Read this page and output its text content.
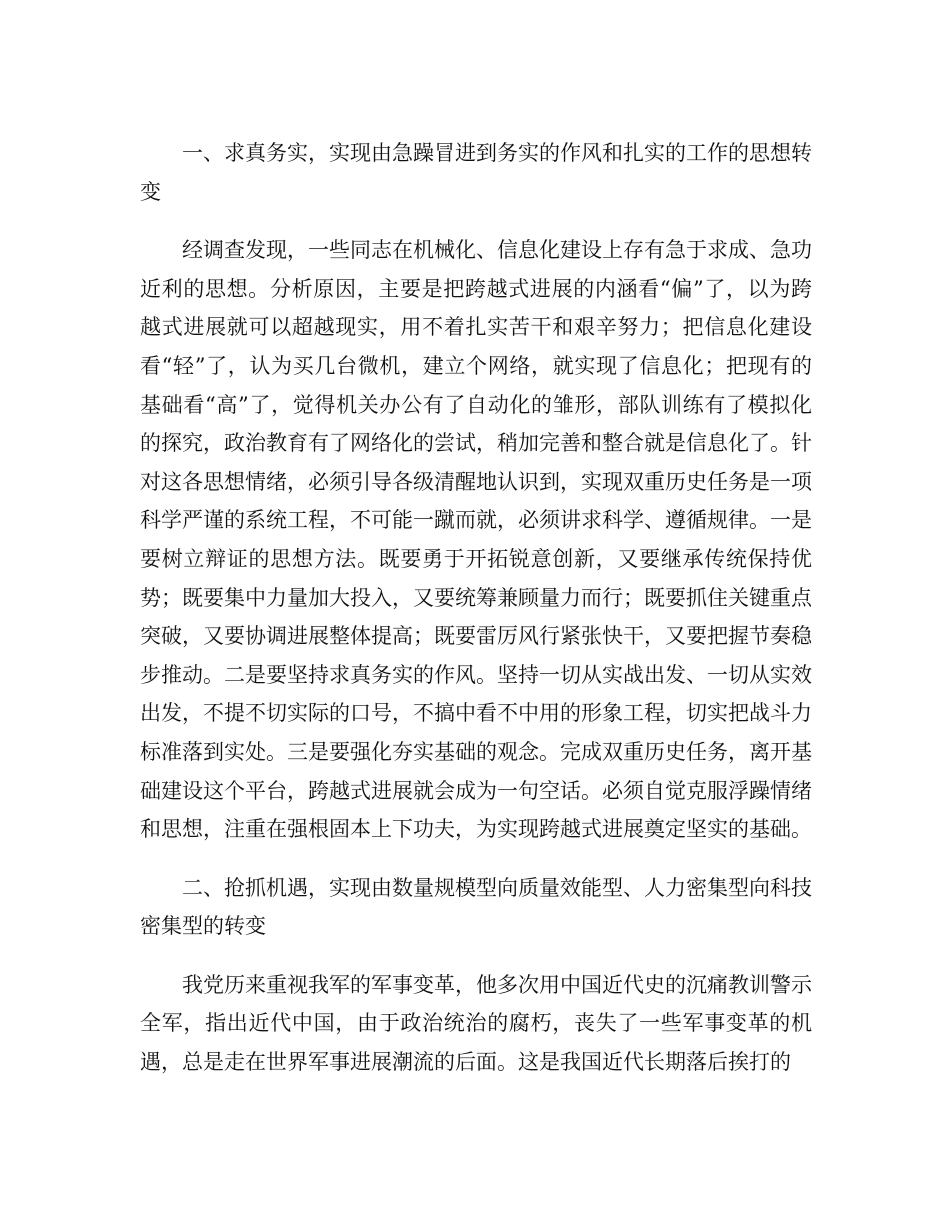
一、求真务实，实现由急躁冒进到务实的作风和扎实的工作的思想转变

经调查发现，一些同志在机械化、信息化建设上存有急于求成、急功近利的思想。分析原因，主要是把跨越式进展的内涵看“偏”了，以为跨越式进展就可以超越现实，用不着扎实苦干和艰辛努力；把信息化建设看“轻”了，认为买几台微机，建立个网络，就实现了信息化；把现有的基础看“高”了，觉得机关办公有了自动化的雏形，部队训练有了模拟化的探究，政治教育有了网络化的尝试，稍加完善和整合就是信息化了。针对这各思想情绪，必须引导各级清醒地认识到，实现双重历史任务是一项科学严谨的系统工程，不可能一蹴而就，必须讲求科学、遵循规律。一是要树立辩证的思想方法。既要勇于开拓锐意创新，又要继承传统保持优势；既要集中力量加大投入，又要统筹兼顾量力而行；既要抓住关键重点突破，又要协调进展整体提高；既要雷厉风行紧张快干，又要把握节奏稳步推动。二是要坚持求真务实的作风。坚持一切从实战出发、一切从实效出发，不提不切实际的口号，不搞中看不中用的形象工程，切实把战斗力标准落到实处。三是要强化夯实基础的观念。完成双重历史任务，离开基础建设这个平台，跨越式进展就会成为一句空话。必须自觉克服浮躁情绪和思想，注重在强根固本上下功夫，为实现跨越式进展奠定坚实的基础。

二、抢抓机遇，实现由数量规模型向质量效能型、人力密集型向科技密集型的转变

我党历来重视我军的军事变革，他多次用中国近代史的沉痛教训警示全军，指出近代中国，由于政治统治的腐朽，丧失了一些军事变革的机遇，总是走在世界军事进展潮流的后面。这是我国近代长期落后挨打的
